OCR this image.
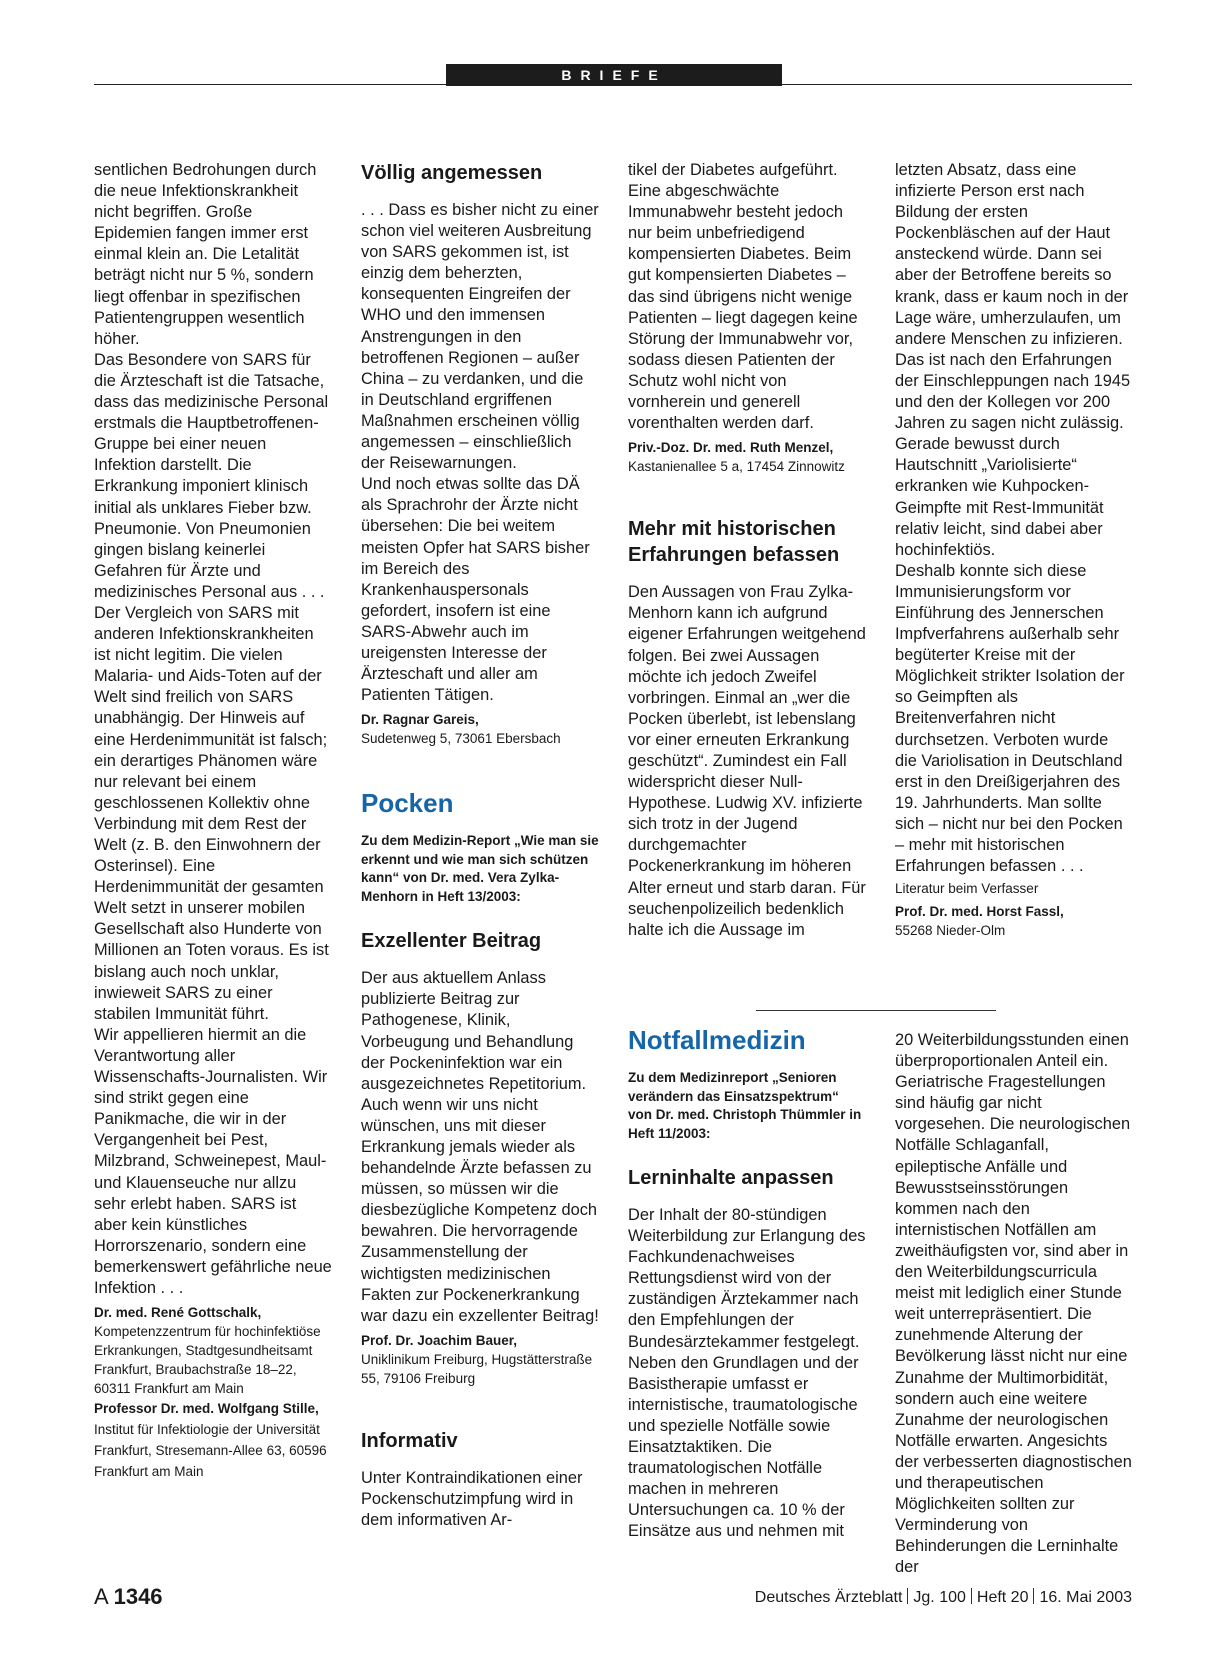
BRIEFE

sentlichen Bedrohungen durch die neue Infektionskrankheit nicht begriffen. Große Epidemien fangen immer erst einmal klein an. Die Letalität beträgt nicht nur 5 %, sondern liegt offenbar in spezifischen Patientengruppen wesentlich höher.

Das Besondere von SARS für die Ärzteschaft ist die Tatsache, dass das medizinische Personal erstmals die Hauptbetroffenen-Gruppe bei einer neuen Infektion darstellt. Die Erkrankung imponiert klinisch initial als unklares Fieber bzw. Pneumonie. Von Pneumonien gingen bislang keinerlei Gefahren für Ärzte und medizinisches Personal aus . . .

Der Vergleich von SARS mit anderen Infektionskrankheiten ist nicht legitim. Die vielen Malaria- und Aids-Toten auf der Welt sind freilich von SARS unabhängig. Der Hinweis auf eine Herdenimmunität ist falsch; ein derartiges Phänomen wäre nur relevant bei einem geschlossenen Kollektiv ohne Verbindung mit dem Rest der Welt (z. B. den Einwohnern der Osterinsel). Eine Herdenimmunität der gesamten Welt setzt in unserer mobilen Gesellschaft also Hunderte von Millionen an Toten voraus. Es ist bislang auch noch unklar, inwieweit SARS zu einer stabilen Immunität führt.

Wir appellieren hiermit an die Verantwortung aller Wissenschafts-Journalisten. Wir sind strikt gegen eine Panikmache, die wir in der Vergangenheit bei Pest, Milzbrand, Schweinepest, Maul- und Klauenseuche nur allzu sehr erlebt haben. SARS ist aber kein künstliches Horrorszenario, sondern eine bemerkenswert gefährliche neue Infektion . . .

Dr. med. René Gottschalk,
Kompetenzzentrum für hochinfektiöse Erkrankungen, Stadtgesundheitsamt Frankfurt, Braubachstraße 18–22, 60311 Frankfurt am Main
Professor Dr. med. Wolfgang Stille, Institut für Infektiologie der Universität Frankfurt, Stresemann-Allee 63, 60596 Frankfurt am Main
Völlig angemessen

. . . Dass es bisher nicht zu einer schon viel weiteren Ausbreitung von SARS gekommen ist, ist einzig dem beherzten, konsequenten Eingreifen der WHO und den immensen Anstrengungen in den betroffenen Regionen – außer China – zu verdanken, und die in Deutschland ergriffenen Maßnahmen erscheinen völlig angemessen – einschließlich der Reisewarnungen.

Und noch etwas sollte das DÄ als Sprachrohr der Ärzte nicht übersehen: Die bei weitem meisten Opfer hat SARS bisher im Bereich des Krankenhauspersonals gefordert, insofern ist eine SARS-Abwehr auch im ureigensten Interesse der Ärzteschaft und aller am Patienten Tätigen.

Dr. Ragnar Gareis,
Sudetenweg 5, 73061 Ebersbach
Pocken
Zu dem Medizin-Report „Wie man sie erkennt und wie man sich schützen kann“ von Dr. med. Vera Zylka-Menhorn in Heft 13/2003:
Exzellenter Beitrag

Der aus aktuellem Anlass publizierte Beitrag zur Pathogenese, Klinik, Vorbeugung und Behandlung der Pockeninfektion war ein ausgezeichnetes Repetitorium. Auch wenn wir uns nicht wünschen, uns mit dieser Erkrankung jemals wieder als behandelnde Ärzte befassen zu müssen, so müssen wir die diesbezügliche Kompetenz doch bewahren. Die hervorragende Zusammenstellung der wichtigsten medizinischen Fakten zur Pockenerkrankung war dazu ein exzellenter Beitrag!

Prof. Dr. Joachim Bauer,
Uniklinikum Freiburg, Hugstätterstraße 55, 79106 Freiburg
Informativ

Unter Kontraindikationen einer Pockenschutzimpfung wird in dem informativen Ar-

tikel der Diabetes aufgeführt. Eine abgeschwächte Immunabwehr besteht jedoch nur beim unbefriedigend kompensierten Diabetes. Beim gut kompensierten Diabetes – das sind übrigens nicht wenige Patienten – liegt dagegen keine Störung der Immunabwehr vor, sodass diesen Patienten der Schutz wohl nicht von vornherein und generell vorenthalten werden darf.

Priv.-Doz. Dr. med. Ruth Menzel,
Kastanienallee 5 a, 17454 Zinnowitz
Mehr mit historischen Erfahrungen befassen

Den Aussagen von Frau Zylka-Menhorn kann ich aufgrund eigener Erfahrungen weitgehend folgen. Bei zwei Aussagen möchte ich jedoch Zweifel vorbringen. Einmal an „wer die Pocken überlebt, ist lebenslang vor einer erneuten Erkrankung geschützt“. Zumindest ein Fall widerspricht dieser Null-Hypothese. Ludwig XV. infizierte sich trotz in der Jugend durchgemachter Pockenerkrankung im höheren Alter erneut und starb daran. Für seuchenpolizeilich bedenklich halte ich die Aussage im

letzten Absatz, dass eine infizierte Person erst nach Bildung der ersten Pockenbläschen auf der Haut ansteckend würde. Dann sei aber der Betroffene bereits so krank, dass er kaum noch in der Lage wäre, umherzulaufen, um andere Menschen zu infizieren. Das ist nach den Erfahrungen der Einschleppungen nach 1945 und den der Kollegen vor 200 Jahren zu sagen nicht zulässig. Gerade bewusst durch Hautschnitt „Variolisierte“ erkranken wie Kuhpocken-Geimpfte mit Rest-Immunität relativ leicht, sind dabei aber hochinfektiös.

Deshalb konnte sich diese Immunisierungsform vor Einführung des Jennerschen Impfverfahrens außerhalb sehr begüterter Kreise mit der Möglichkeit strikter Isolation der so Geimpften als Breitenverfahren nicht durchsetzen. Verboten wurde die Variolisation in Deutschland erst in den Dreißigerjahren des 19. Jahrhunderts. Man sollte sich – nicht nur bei den Pocken – mehr mit historischen Erfahrungen befassen . . .

Literatur beim Verfasser
Prof. Dr. med. Horst Fassl,
55268 Nieder-Olm
Notfallmedizin
Zu dem Medizinreport „Senioren verändern das Einsatzspektrum“ von Dr. med. Christoph Thümmler in Heft 11/2003:
Lerninhalte anpassen

Der Inhalt der 80-stündigen Weiterbildung zur Erlangung des Fachkundenachweises Rettungsdienst wird von der zuständigen Ärztekammer nach den Empfehlungen der Bundesärztekammer festgelegt. Neben den Grundlagen und der Basistherapie umfasst er internistische, traumatologische und spezielle Notfälle sowie Einsatztaktiken. Die traumatologischen Notfälle machen in mehreren Untersuchungen ca. 10 % der Einsätze aus und nehmen mit

20 Weiterbildungsstunden einen überproportionalen Anteil ein. Geriatrische Fragestellungen sind häufig gar nicht vorgesehen. Die neurologischen Notfälle Schlaganfall, epileptische Anfälle und Bewusstseinsstörungen kommen nach den internistischen Notfällen am zweithäufigsten vor, sind aber in den Weiterbildungscurricula meist mit lediglich einer Stunde weit unterrepräsentiert. Die zunehmende Alterung der Bevölkerung lässt nicht nur eine Zunahme der Multimorbidität, sondern auch eine weitere Zunahme der neurologischen Notfälle erwarten. Angesichts der verbesserten diagnostischen und therapeutischen Möglichkeiten sollten zur Verminderung von Behinderungen die Lerninhalte der

A 1346	Deutsches Ärzteblatt Jg. 100 Heft 20 16. Mai 2003
